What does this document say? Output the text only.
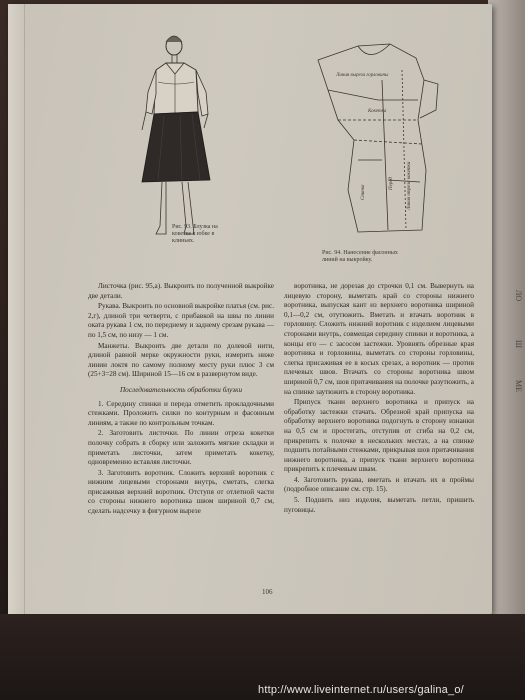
ЛО
Ш
МЕ
Рис. 93. Блузка на кокетке к юбке в клиньях.
Линия выреза горловины
Кокетка
Перед
Спинка	Линия отреза кокетки
Рис. 94. Нанесение фасонных линий на выкройку.

Листочка (рис. 95,а). Выкроить по полученной выкройке две детали.

Рукава. Выкроить по основной выкройке платья (см. рис. 2,г), длиной три четверти, с прибавкой на швы по линии оката рукава 1 см, по переднему и заднему срезам рукава — по 1,5 см, по низу — 1 см.

Манжеты. Выкроить две детали по долевой нити, длиной равной мерке окружности руки, измерить ниже линии локтя по самому полному месту руки плюс 3 см (25+3=28 см). Шириной 15—16 см в развернутом виде.

Последовательность обработки блузки

1. Середину спинки и переда отметить прокладочными стежками. Проложить силки по контурным и фасонным линиям, а также по контрольным точкам.

2. Заготовить листочки. По линии отреза кокетки полочку собрать в сборку или заложить мягкие складки и приметать листочки, затем приметать кокетку, одновременно вставляя листочки.

3. Заготовить воротник. Сложить верхний воротник с нижним лицевыми сторонами внутрь, сметать, слегка присаживая верхний воротник. Отступя от отлетной части со стороны нижнего воротника швом шириной 0,7 см, сделать надсечку в фигурном вырезе

воротника, не дорезая до строчки 0,1 см. Вывернуть на лицевую сторону, выметать край со стороны нижнего воротника, выпуская кант из верхнего воротника шириной 0,1—0,2 см, отутюжить. Вметать и втачать воротник в горловину. Сложить нижний воротник с изделием лицевыми сторонами внутрь, совмещая середину спинки и воротника, а концы его — с засосом застежки. Уровнять обрезные края воротника и горловины, выметать со стороны горловины, слегка присаживая ее в косых срезах, а воротник — против плечевых швов. Втачать со стороны воротника швом шириной 0,7 см, шов притачивания на полочке разутюжить, а на спинке заутюжить в сторону воротника.

Припуск ткани верхнего воротника и припуск на обработку застежки стачать. Обрезной край припуска на обработку верхнего воротника подогнуть в сторону изнанки на 0,5 см и простегать, отступив от сгиба на 0,2 см, прикрепить к полочке в нескольких местах, а на спинке подшить потайными стежками, прикрывая шов притачивания нижнего воротника, а припуск ткани верхнего воротника прикрепить к плечевым швам.

4. Заготовить рукава, вметать и втачать их в проймы (подробное описание см. стр. 15).

5. Подшить низ изделия, выметать петли, пришить пуговицы.

106
http://www.liveinternet.ru/users/galina_o/
